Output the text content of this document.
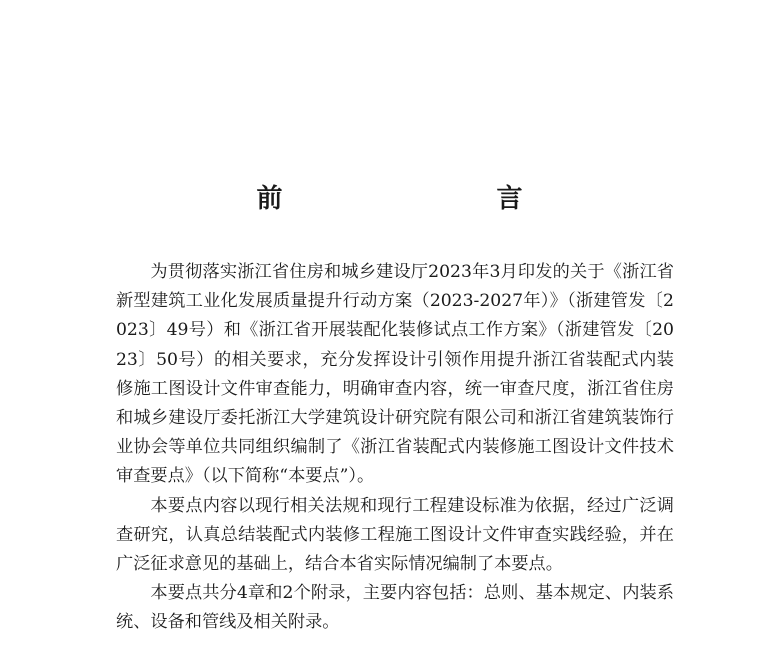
前　　言

为贯彻落实浙江省住房和城乡建设厅2023年3月印发的关于《浙江省新型建筑工业化发展质量提升行动方案（2023-2027年）》（浙建管发〔2023〕49号）和《浙江省开展装配化装修试点工作方案》（浙建管发〔2023〕50号）的相关要求，充分发挥设计引领作用提升浙江省装配式内装修施工图设计文件审查能力，明确审查内容，统一审查尺度，浙江省住房和城乡建设厅委托浙江大学建筑设计研究院有限公司和浙江省建筑装饰行业协会等单位共同组织编制了《浙江省装配式内装修施工图设计文件技术审查要点》（以下简称“本要点”）。

本要点内容以现行相关法规和现行工程建设标准为依据，经过广泛调查研究，认真总结装配式内装修工程施工图设计文件审查实践经验，并在广泛征求意见的基础上，结合本省实际情况编制了本要点。

本要点共分4章和2个附录，主要内容包括：总则、基本规定、内装系统、设备和管线及相关附录。
